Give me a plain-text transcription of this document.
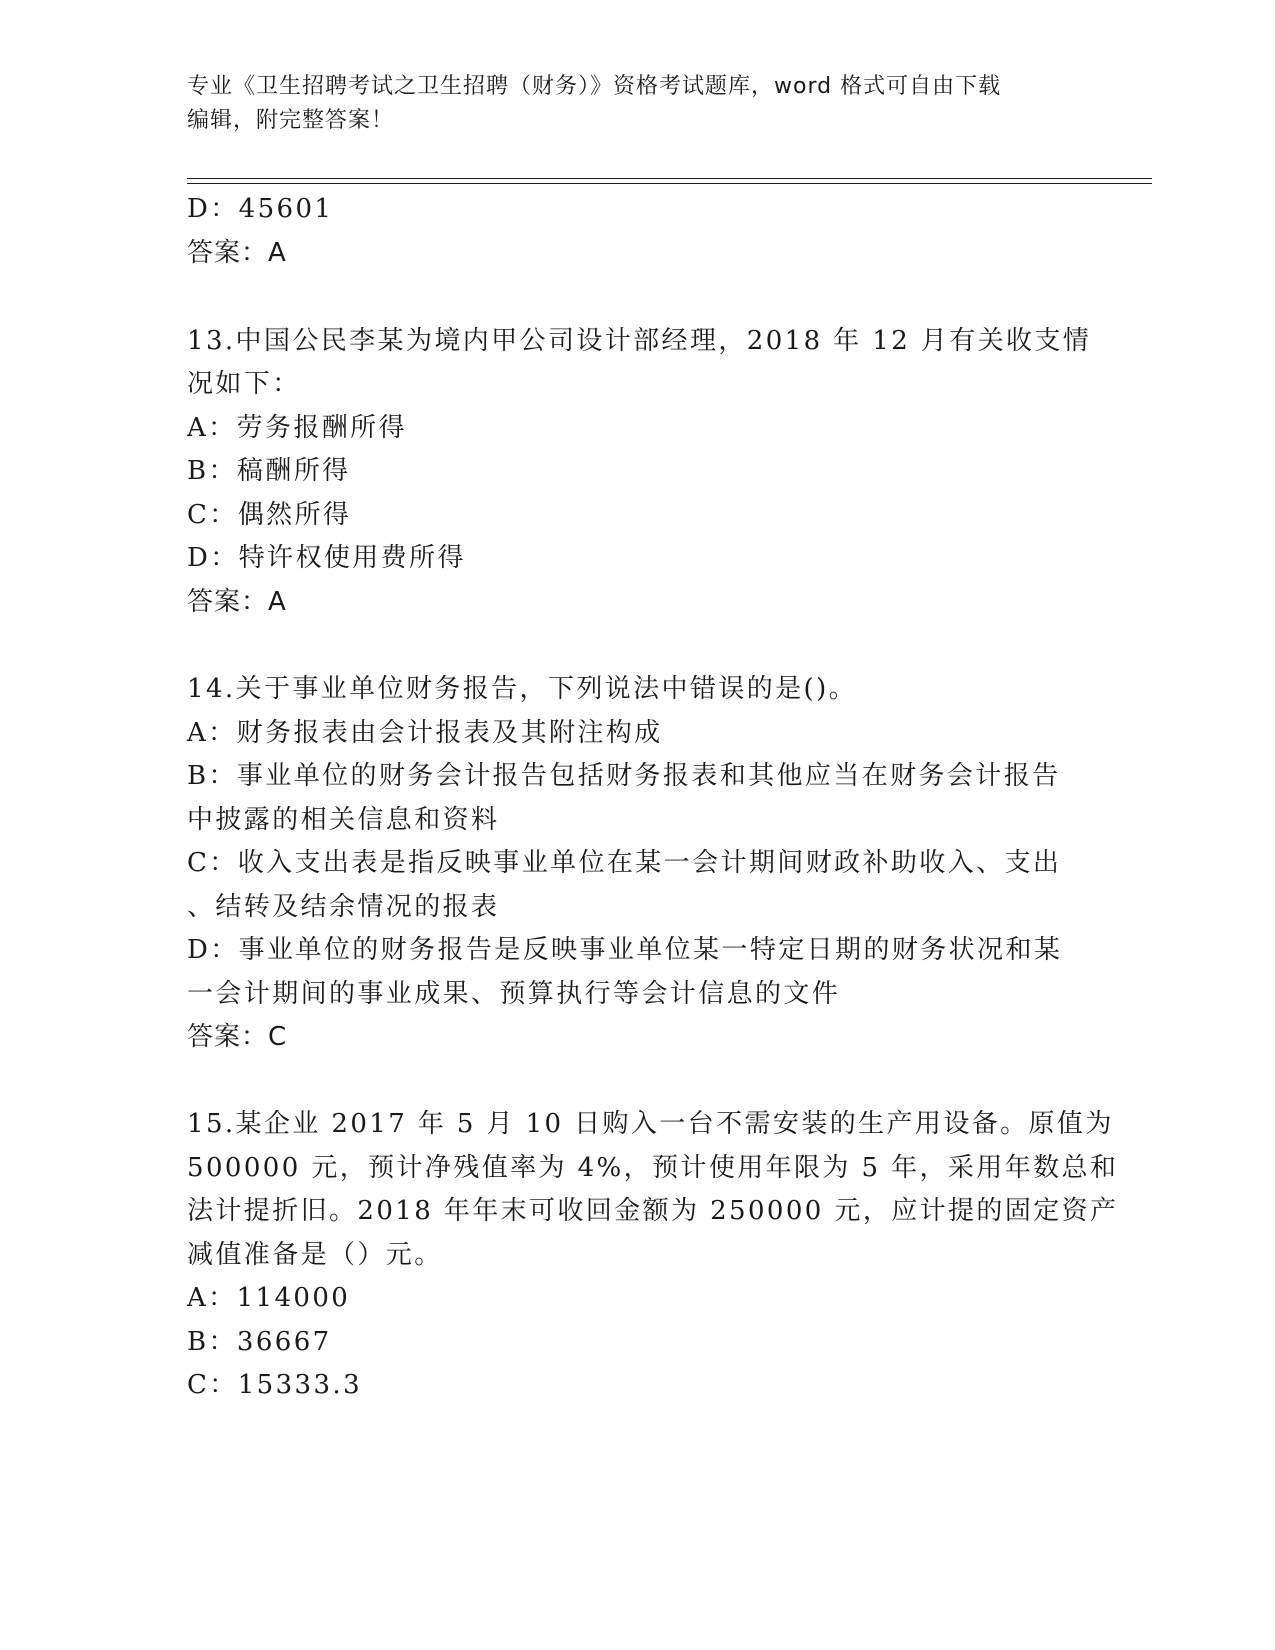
专业《卫生招聘考试之卫生招聘（财务）》资格考试题库，word 格式可自由下载
编辑，附完整答案！
D：45601
答案：A
13.中国公民李某为境内甲公司设计部经理，2018 年 12 月有关收支情
况如下：
A：劳务报酬所得
B：稿酬所得
C：偶然所得
D：特许权使用费所得
答案：A
14.关于事业单位财务报告，下列说法中错误的是()。
A：财务报表由会计报表及其附注构成
B：事业单位的财务会计报告包括财务报表和其他应当在财务会计报告
中披露的相关信息和资料
C：收入支出表是指反映事业单位在某一会计期间财政补助收入、支出
、结转及结余情况的报表
D：事业单位的财务报告是反映事业单位某一特定日期的财务状况和某
一会计期间的事业成果、预算执行等会计信息的文件
答案：C
15.某企业 2017 年 5 月 10 日购入一台不需安装的生产用设备。原值为
500000 元，预计净残值率为 4%，预计使用年限为 5 年，采用年数总和
法计提折旧。2018 年年末可收回金额为 250000 元，应计提的固定资产
减值准备是（）元。
A：114000
B：36667
C：15333.3
